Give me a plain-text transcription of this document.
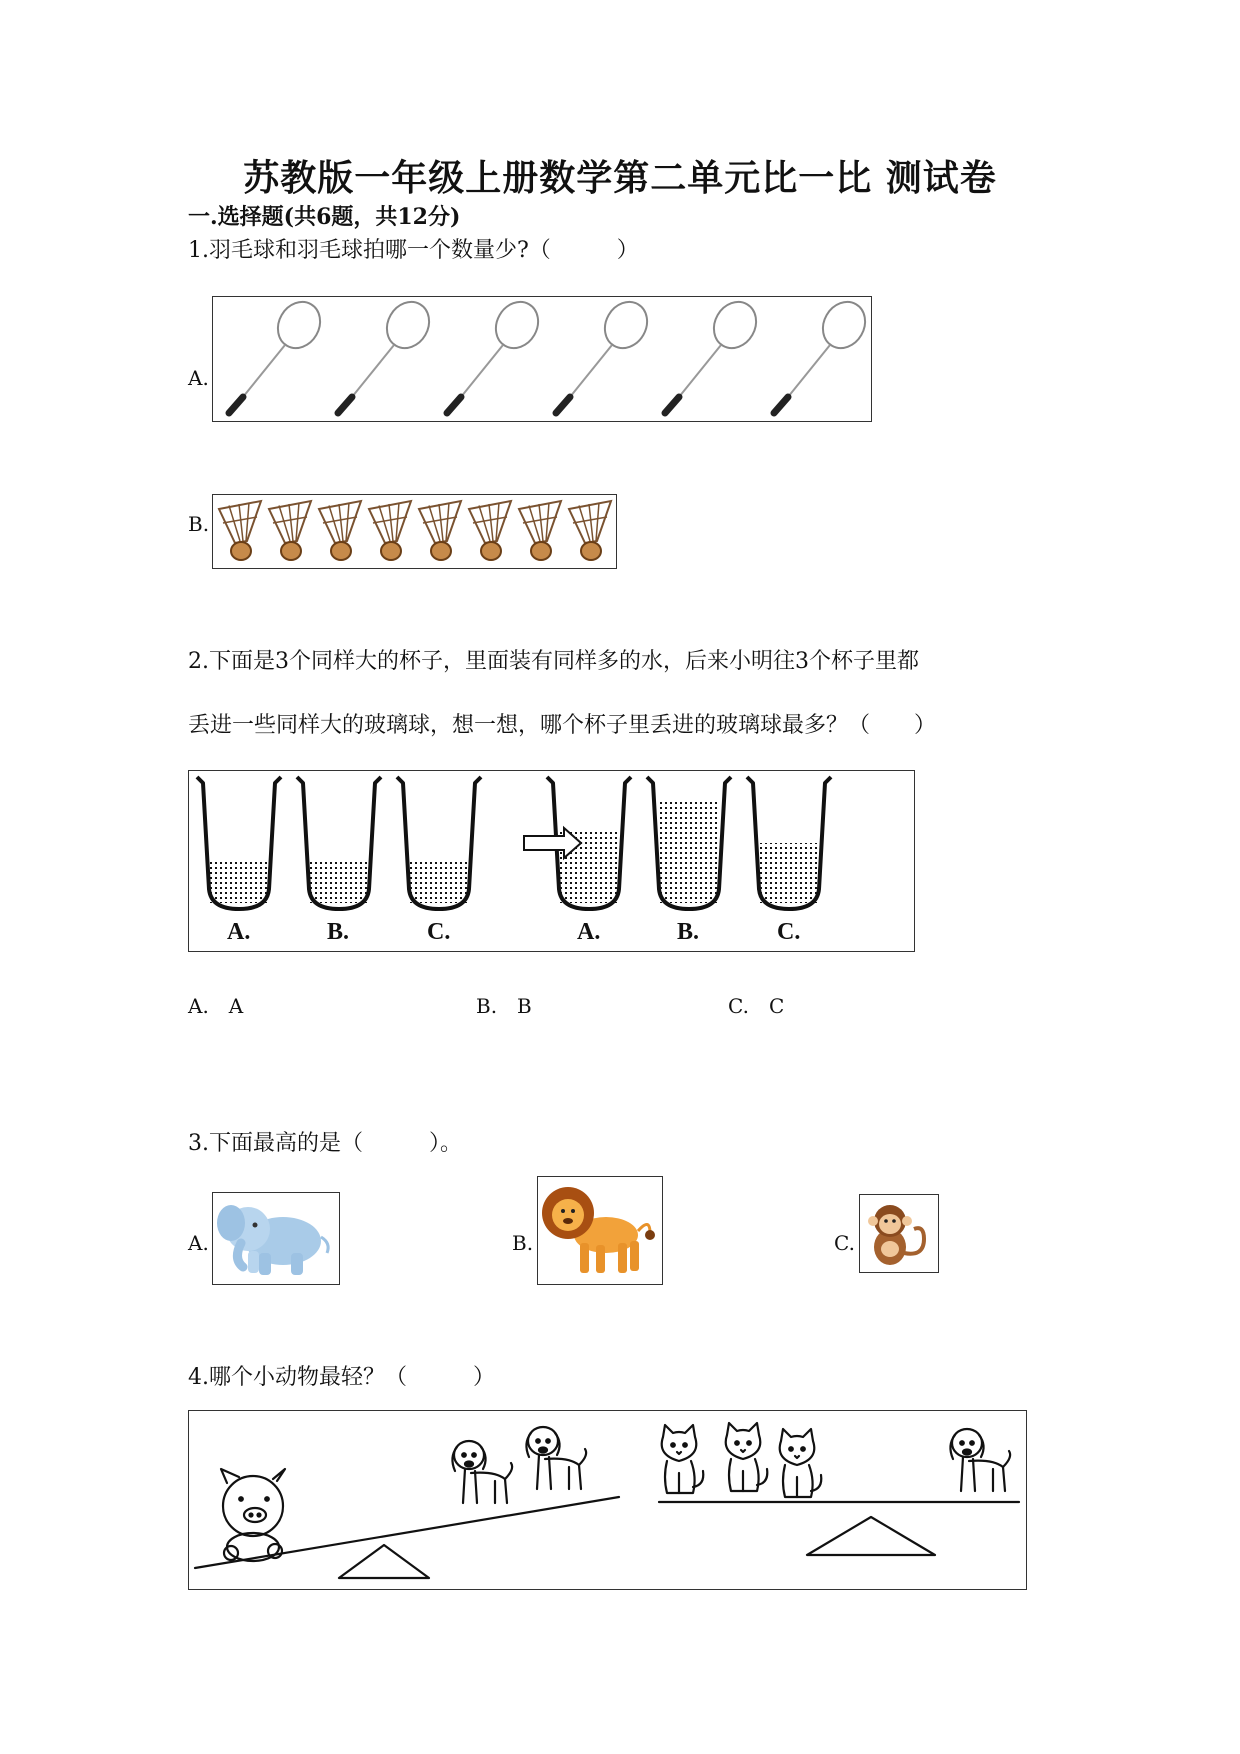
苏教版一年级上册数学第二单元比一比 测试卷
一.选择题(共6题，共12分)
1.羽毛球和羽毛球拍哪一个数量少?（　　　）
A.
B.
2.下面是3个同样大的杯子，里面装有同样多的水，后来小明往3个杯子里都
丢进一些同样大的玻璃球，想一想，哪个杯子里丢进的玻璃球最多？（　　）
A.	B.	C.	A.	B.	C.
A.　A	B.　B	C.　C
3.下面最高的是（　　　）。
A.	B.	C.
4.哪个小动物最轻？（　　　）
